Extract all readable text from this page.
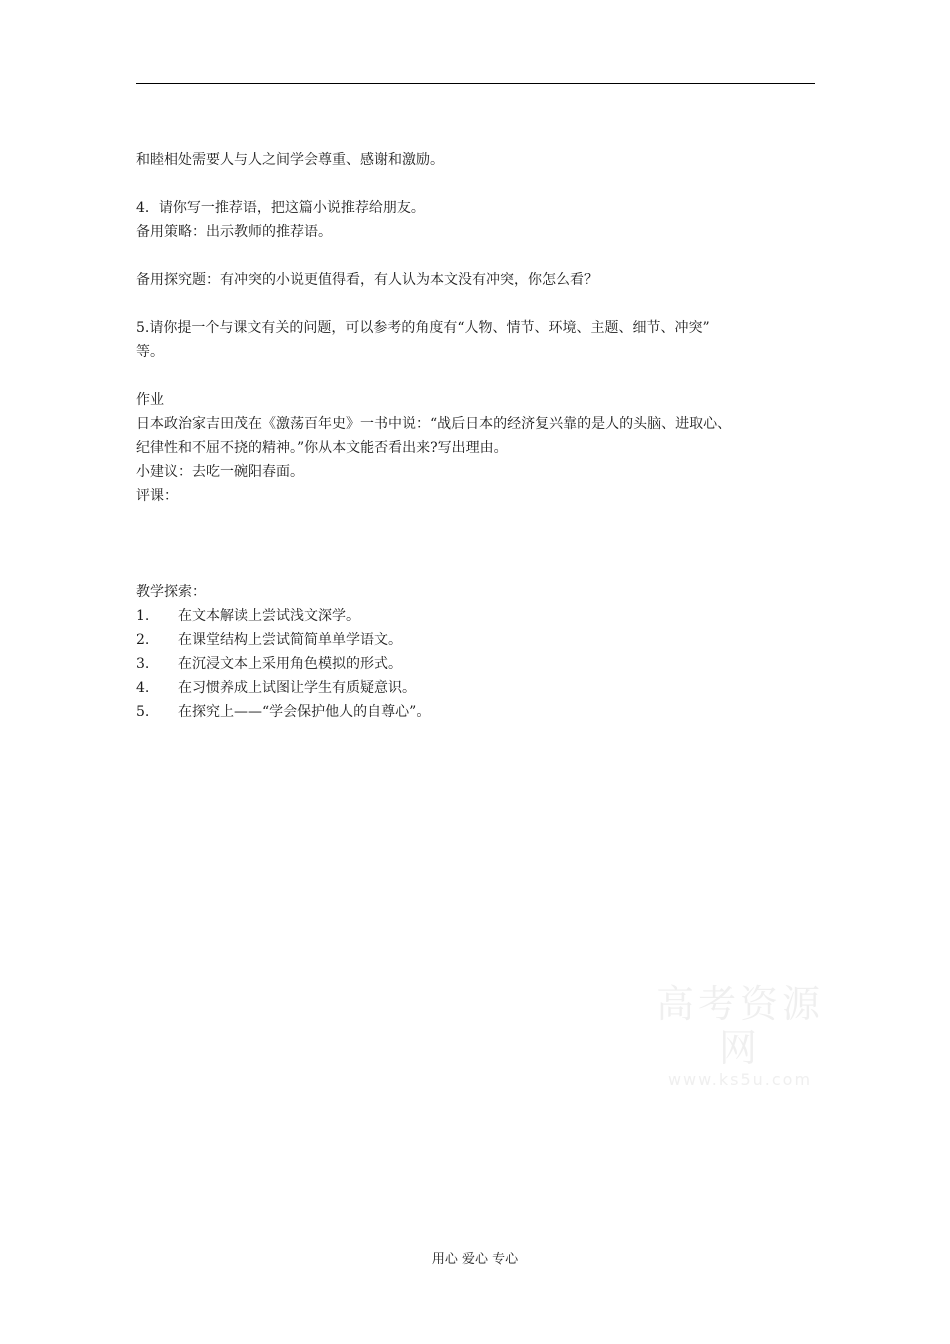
和睦相处需要人与人之间学会尊重、感谢和激励。

4．请你写一推荐语，把这篇小说推荐给朋友。

备用策略：出示教师的推荐语。

备用探究题：有冲突的小说更值得看，有人认为本文没有冲突，你怎么看？

5.请你提一个与课文有关的问题，可以参考的角度有“人物、情节、环境、主题、细节、冲突”

等。

作业

日本政治家吉田茂在《激荡百年史》一书中说：“战后日本的经济复兴靠的是人的头脑、进取心、

纪律性和不屈不挠的精神。”你从本文能否看出来?写出理由。

小建议：去吃一碗阳春面。

评课：

教学探索：

1.	在文本解读上尝试浅文深学。
2.	在课堂结构上尝试简简单单学语文。
3.	在沉浸文本上采用角色模拟的形式。
4.	在习惯养成上试图让学生有质疑意识。
5.	在探究上——“学会保护他人的自尊心”。
高考资源网
www.ks5u.com
用心 爱心 专心
